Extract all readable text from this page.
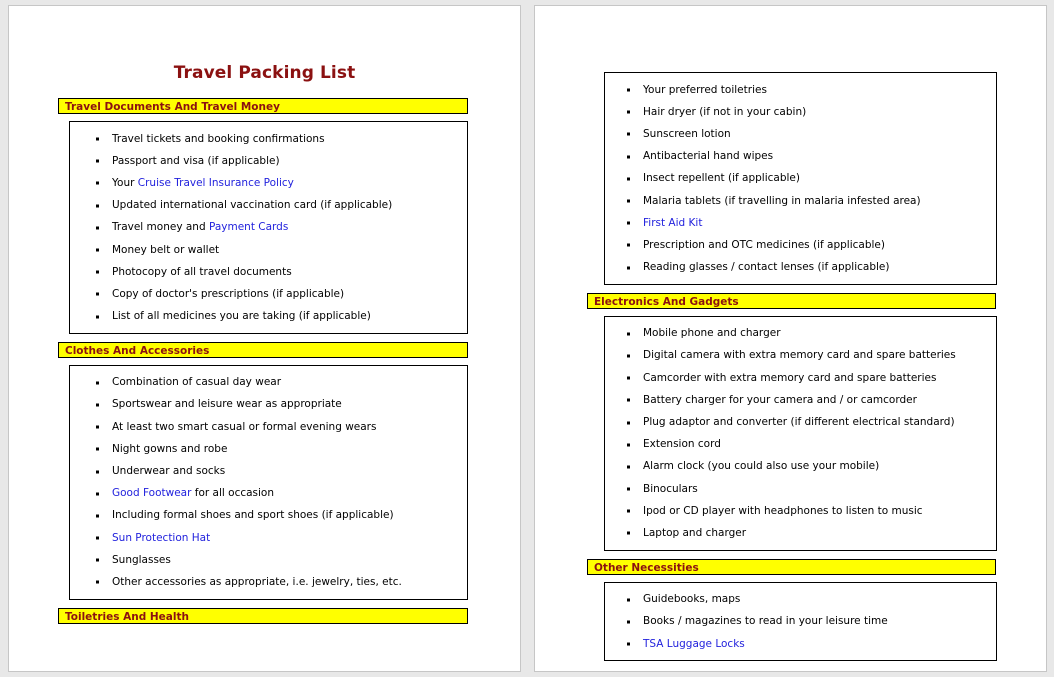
Travel Packing List
Travel Documents And Travel Money
Travel tickets and booking confirmations
Passport and visa (if applicable)
Your Cruise Travel Insurance Policy
Updated international vaccination card (if applicable)
Travel money and Payment Cards
Money belt or wallet
Photocopy of all travel documents
Copy of doctor's prescriptions (if applicable)
List of all medicines you are taking (if applicable)
Clothes And Accessories
Combination of casual day wear
Sportswear and leisure wear as appropriate
At least two smart casual or formal evening wears
Night gowns and robe
Underwear and socks
Good Footwear for all occasion
Including formal shoes and sport shoes (if applicable)
Sun Protection Hat
Sunglasses
Other accessories as appropriate, i.e. jewelry, ties, etc.
Toiletries And Health
Your preferred toiletries
Hair dryer (if not in your cabin)
Sunscreen lotion
Antibacterial hand wipes
Insect repellent (if applicable)
Malaria tablets (if travelling in malaria infested area)
First Aid Kit
Prescription and OTC medicines (if applicable)
Reading glasses / contact lenses (if applicable)
Electronics And Gadgets
Mobile phone and charger
Digital camera with extra memory card and spare batteries
Camcorder with extra memory card and spare batteries
Battery charger for your camera and / or camcorder
Plug adaptor and converter (if different electrical standard)
Extension cord
Alarm clock (you could also use your mobile)
Binoculars
Ipod or CD player with headphones to listen to music
Laptop and charger
Other Necessities
Guidebooks, maps
Books / magazines to read in your leisure time
TSA Luggage Locks
